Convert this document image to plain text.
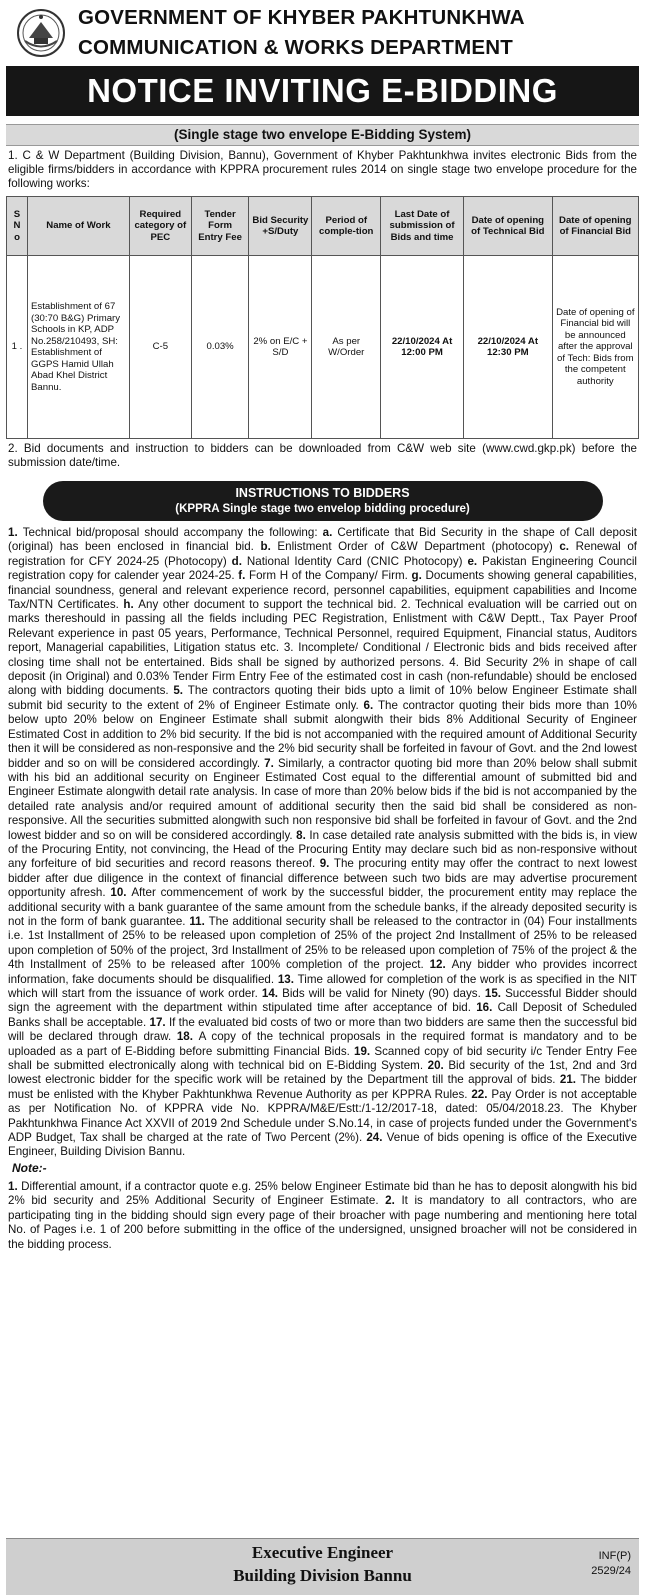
GOVERNMENT OF KHYBER PAKHTUNKHWA
COMMUNICATION & WORKS DEPARTMENT
NOTICE INVITING E-BIDDING
(Single stage two envelope E-Bidding System)
1. C & W Department (Building Division, Bannu), Government of Khyber Pakhtunkhwa invites electronic Bids from the eligible firms/bidders in accordance with KPPRA procurement rules 2014 on single stage two envelope procedure for the following works:
S N o	Name of Work	Required category of PEC	Tender Form Entry Fee	Bid Security +S/Duty	Period of comple-tion	Last Date of submission of Bids and time	Date of opening of Technical Bid	Date of opening of Financial Bid
1 .	Establishment of 67 (30:70 B&G) Primary Schools in KP, ADP No.258/210493, SH: Establishment of GGPS Hamid Ullah Abad Khel District Bannu.	C-5	0.03%	2% on E/C + S/D	As per W/Order	22/10/2024 At 12:00 PM	22/10/2024 At 12:30 PM	Date of opening of Financial bid will be announced after the approval of Tech: Bids from the competent authority
2. Bid documents and instruction to bidders can be downloaded from C&W web site (www.cwd.gkp.pk) before the submission date/time.
INSTRUCTIONS TO BIDDERS
(KPPRA Single stage two envelop bidding procedure)
1. Technical bid/proposal should accompany the following: a. Certificate that Bid Security in the shape of Call deposit (original) has been enclosed in financial bid. b. Enlistment Order of C&W Department (photocopy) c. Renewal of registration for CFY 2024-25 (Photocopy) d. National Identity Card (CNIC Photocopy) e. Pakistan Engineering Council registration copy for calender year 2024-25. f. Form H of the Company/ Firm. g. Documents showing general capabilities, financial soundness, general and relevant experience record, personnel capabilities, equipment capabilities and Income Tax/NTN Certificates. h. Any other document to support the technical bid. 2. Technical evaluation will be carried out on marks thereshould in passing all the fields including PEC Registration, Enlistment with C&W Deptt., Tax Payer Proof Relevant experience in past 05 years, Performance, Technical Personnel, required Equipment, Financial status, Auditors report, Managerial capabilities, Litigation status etc. 3. Incomplete/ Conditional / Electronic bids and bids received after closing time shall not be entertained. Bids shall be signed by authorized persons. 4. Bid Security 2% in shape of call deposit (in Original) and 0.03% Tender Firm Entry Fee of the estimated cost in cash (non-refundable) should be enclosed along with bidding documents. 5. The contractors quoting their bids upto a limit of 10% below Engineer Estimate shall submit bid security to the extent of 2% of Engineer Estimate only. 6. The contractor quoting their bids more than 10% below upto 20% below on Engineer Estimate shall submit alongwith their bids 8% Additional Security of Engineer Estimated Cost in addition to 2% bid security. If the bid is not accompanied with the required amount of Additional Security then it will be considered as non-responsive and the 2% bid security shall be forfeited in favour of Govt. and the 2nd lowest bidder and so on will be considered accordingly. 7. Similarly, a contractor quoting bid more than 20% below shall submit with his bid an additional security on Engineer Estimated Cost equal to the differential amount of submitted bid and Engineer Estimate alongwith detail rate analysis. In case of more than 20% below bids if the bid is not accompanied by the detailed rate analysis and/or required amount of additional security then the said bid shall be considered as non-responsive. All the securities submitted alongwith such non responsive bid shall be forfeited in favour of Govt. and the 2nd lowest bidder and so on will be considered accordingly. 8. In case detailed rate analysis submitted with the bids is, in view of the Procuring Entity, not convincing, the Head of the Procuring Entity may declare such bid as non-responsive without any forfeiture of bid securities and record reasons thereof. 9. The procuring entity may offer the contract to next lowest bidder after due diligence in the context of financial difference between such two bids are may advertise procurement opportunity afresh. 10. After commencement of work by the successful bidder, the procurement entity may replace the additional security with a bank guarantee of the same amount from the schedule banks, if the already deposited security is not in the form of bank guarantee. 11. The additional security shall be released to the contractor in (04) Four installments i.e. 1st Installment of 25% to be released upon completion of 25% of the project 2nd Installment of 25% to be released upon completion of 50% of the project, 3rd Installment of 25% to be released upon completion of 75% of the project & the 4th Installment of 25% to be released after 100% completion of the project. 12. Any bidder who provides incorrect information, fake documents should be disqualified. 13. Time allowed for completion of the work is as specified in the NIT which will start from the issuance of work order. 14. Bids will be valid for Ninety (90) days. 15. Successful Bidder should sign the agreement with the department within stipulated time after acceptance of bid. 16. Call Deposit of Scheduled Banks shall be acceptable. 17. If the evaluated bid costs of two or more than two bidders are same then the successful bid will be declared through draw. 18. A copy of the technical proposals in the required format is mandatory and to be uploaded as a part of E-Bidding before submitting Financial Bids. 19. Scanned copy of bid security i/c Tender Entry Fee shall be submitted electronically along with technical bid on E-Bidding System. 20. Bid security of the 1st, 2nd and 3rd lowest electronic bidder for the specific work will be retained by the Department till the approval of bids. 21. The bidder must be enlisted with the Khyber Pakhtunkhwa Revenue Authority as per KPPRA Rules. 22. Pay Order is not acceptable as per Notification No. of KPPRA vide No. KPPRA/M&E/Estt:/1-12/2017-18, dated: 05/04/2018.23. The Khyber Pakhtunkhwa Finance Act XXVII of 2019 2nd Schedule under S.No.14, in case of projects funded under the Government's ADP Budget, Tax shall be charged at the rate of Two Percent (2%). 24. Venue of bids opening is office of the Executive Engineer, Building Division Bannu.
Note:-
1. Differential amount, if a contractor quote e.g. 25% below Engineer Estimate bid than he has to deposit alongwith his bid 2% bid security and 25% Additional Security of Engineer Estimate. 2. It is mandatory to all contractors, who are participating ting in the bidding should sign every page of their broacher with page numbering and mentioning here total No. of Pages i.e. 1 of 200 before submitting in the office of the undersigned, unsigned broacher will not be considered in the bidding process.
Executive Engineer
Building Division Bannu
INF(P)
2529/24
